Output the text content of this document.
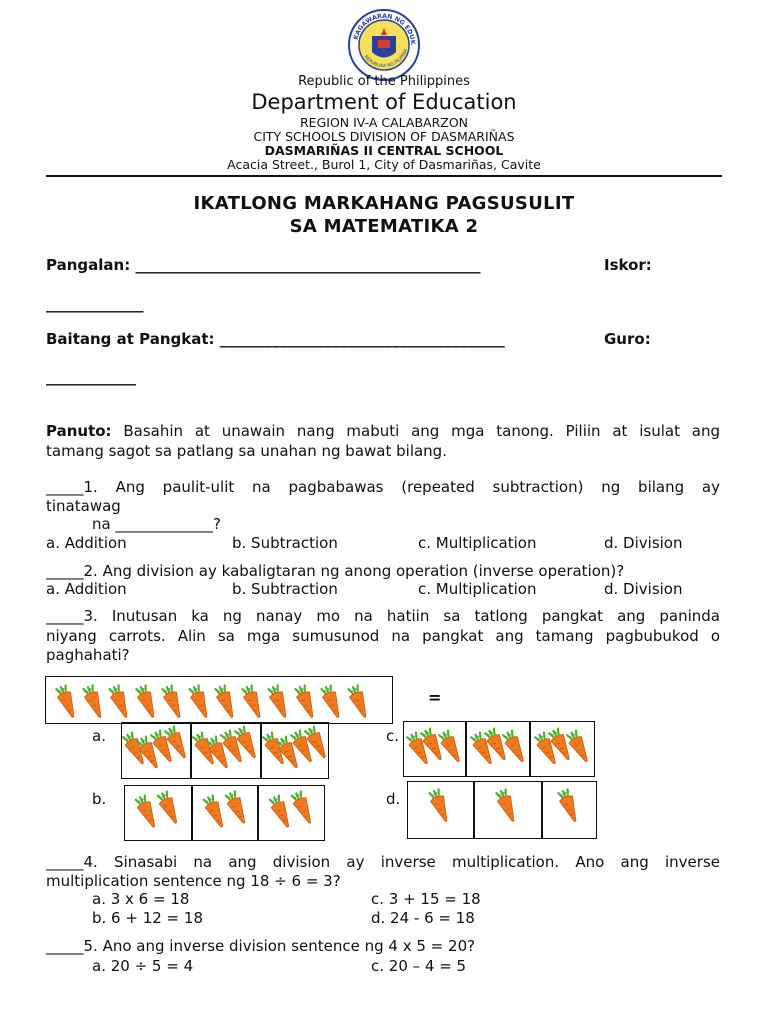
KAGAWARAN NG EDUK
REPUBLIKA NG PILIPINA
Republic of the Philippines
Department of Education
REGION IV-A CALABARZON
CITY SCHOOLS DIVISION OF DASMARIÑAS
DASMARIÑAS II CENTRAL SCHOOL
Acacia Street., Burol 1, City of Dasmariñas, Cavite
IKATLONG MARKAHANG PAGSUSULIT
SA MATEMATIKA 2
Pangalan: ______________________________________________	Iskor:
_____________
Baitang at Pangkat: ______________________________________	Guro:
____________
Panuto: Basahin at unawain nang mabuti ang mga tanong. Piliin at isulat ang
tamang sagot sa patlang sa unahan ng bawat bilang.
_____1. Ang paulit-ulit na pagbabawas (repeated subtraction) ng bilang ay
tinatawag
na _____________?
a. Addition	b. Subtraction	c. Multiplication	d. Division
_____2. Ang division ay kabaligtaran ng anong operation (inverse operation)?
a. Addition	b. Subtraction	c. Multiplication	d. Division
_____3. Inutusan ka ng nanay mo na hatiin sa tatlong pangkat ang paninda
niyang carrots. Alin sa mga sumusunod na pangkat ang tamang pagbubukod o
paghahati?
=
a.
b.
c.
d.
_____4. Sinasabi na ang division ay inverse multiplication. Ano ang inverse
multiplication sentence ng 18 ÷ 6 = 3?
a. 3 x 6 = 18	c. 3 + 15 = 18
b. 6 + 12 = 18	d. 24 - 6 = 18
_____5. Ano ang inverse division sentence ng 4 x 5 = 20?
a. 20 ÷ 5 = 4	c. 20 – 4 = 5
